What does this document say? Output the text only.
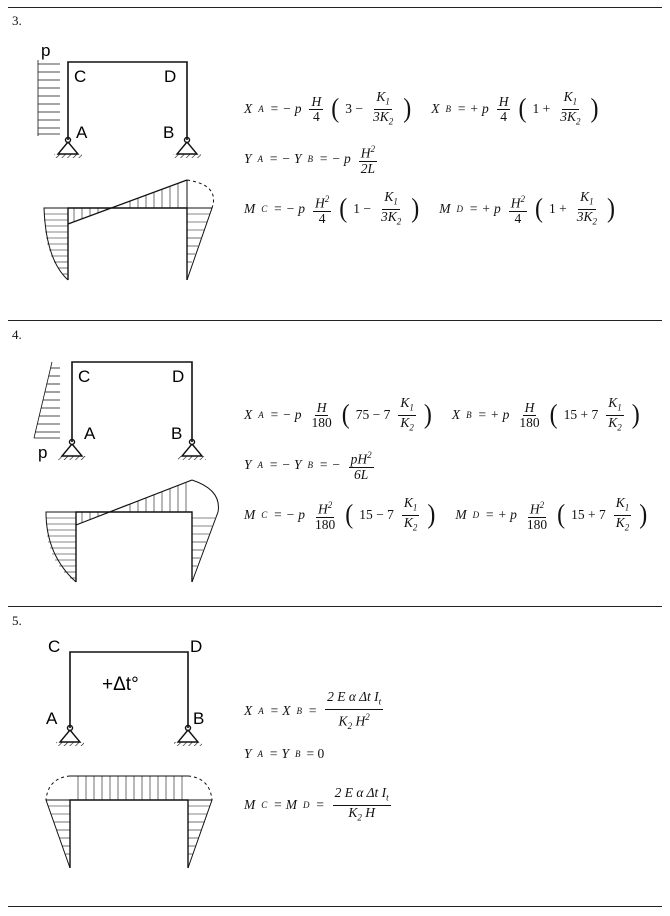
3.
p
C	D
A	B
X A = − p $\frac{H}{4}$ ( $3 - \frac{K_1}{3K_2}$ ) X B = + p $\frac{H}{4}$ ( $1 + \frac{K_1}{3K_2}$ )
Y A = − Y B = − p $\frac{H^2}{2L}$
M C = − p $\frac{H^2}{4}$ ( $1 - \frac{K_1}{3K_2}$ ) M D = + p $\frac{H^2}{4}$ ( $1 + \frac{K_1}{3K_2}$ )
4.
p
C	D
A	B
X A = − p $\frac{H}{180}$ ( $75 - 7 \frac{K_1}{K_2}$ ) X B = + p $\frac{H}{180}$ ( $15 + 7 \frac{K_1}{K_2}$ )
Y A = − Y B = − $\frac{pH^2}{6L}$
M C = − p $\frac{H^2}{180}$ ( $15 - 7 \frac{K_1}{K_2}$ ) M D = + p $\frac{H^2}{180}$ ( $15 + 7 \frac{K_1}{K_2}$ )
5.
C	D
A	B
+Δt°
X A = X $B = \frac{2 E \alpha \Delta t I_t}{K_2 H^2}$
Y A = Y B = 0
M C = M $D = \frac{2 E \alpha \Delta t I_t}{K_2 H}$
